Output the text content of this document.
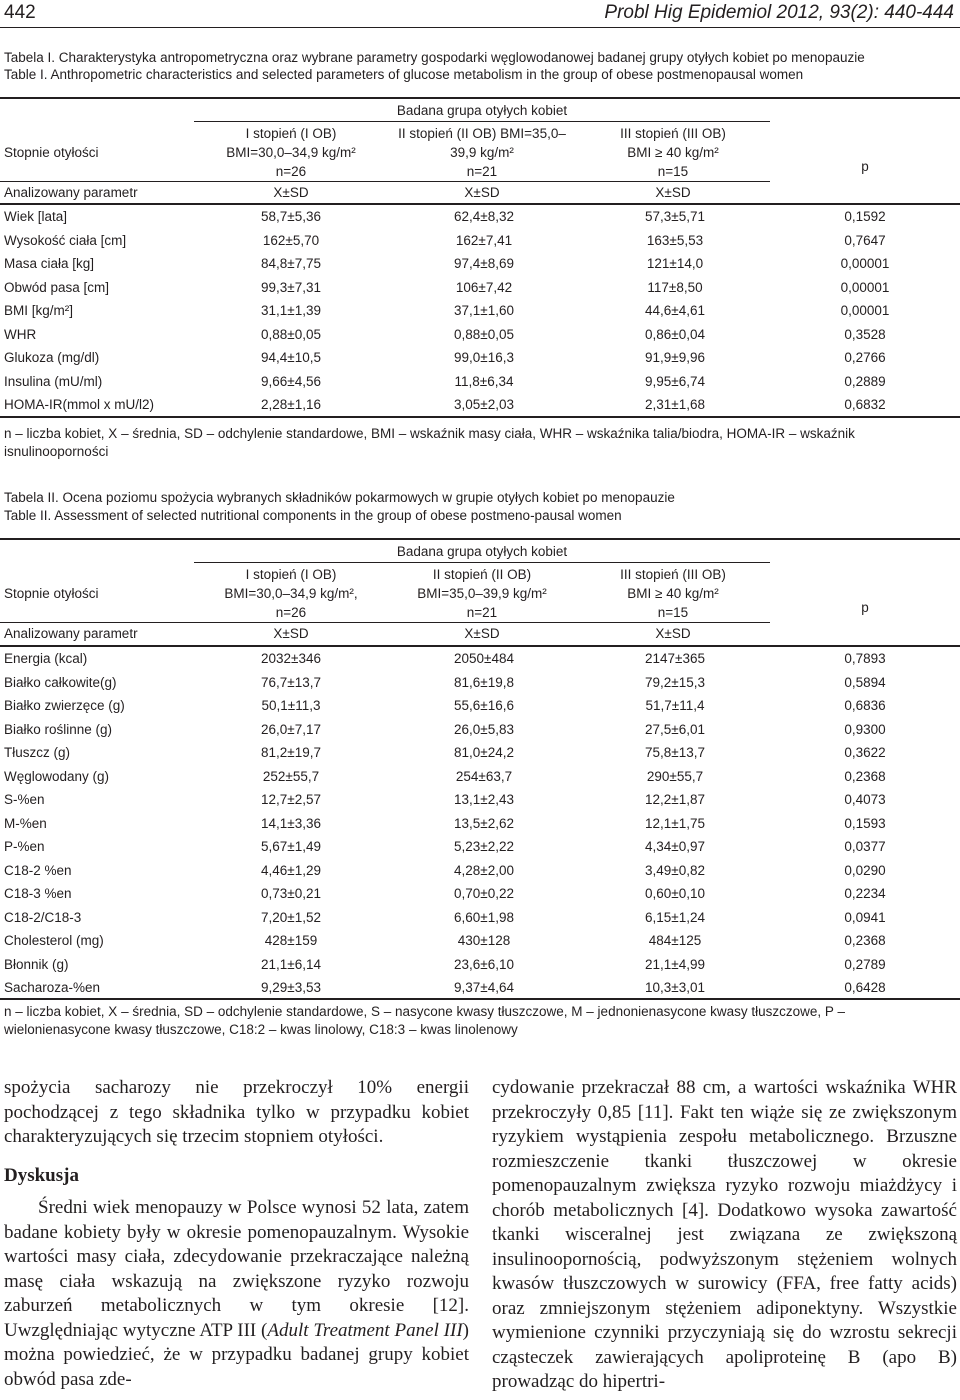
442	Probl Hig Epidemiol 2012, 93(2): 440-444
Tabela I. Charakterystyka antropometryczna oraz wybrane parametry gospodarki węglowodanowej badanej grupy otyłych kobiet po menopauzie
Table I. Anthropometric characteristics and selected parameters of glucose metabolism in the group of obese postmenopausal women
Badana grupa otyłych kobiet
Stopnie otyłości
I stopień (I OB)
BMI=30,0–34,9 kg/m²
n=26
II stopień (II OB) BMI=35,0–
39,9 kg/m²
n=21
III stopień (III OB)
BMI ≥ 40 kg/m²
n=15	p
Analizowany parametr	X±SD	X±SD	X±SD
Wiek [lata]	58,7±5,36	62,4±8,32	57,3±5,71	0,1592
Wysokość ciała [cm]	162±5,70	162±7,41	163±5,53	0,7647
Masa ciała [kg]	84,8±7,75	97,4±8,69	121±14,0	0,00001
Obwód pasa [cm]	99,3±7,31	106±7,42	117±8,50	0,00001
BMI [kg/m²]	31,1±1,39	37,1±1,60	44,6±4,61	0,00001
WHR	0,88±0,05	0,88±0,05	0,86±0,04	0,3528
Glukoza (mg/dl)	94,4±10,5	99,0±16,3	91,9±9,96	0,2766
Insulina (mU/ml)	9,66±4,56	11,8±6,34	9,95±6,74	0,2889
HOMA-IR(mmol x mU/l2)	2,28±1,16	3,05±2,03	2,31±1,68	0,6832
n – liczba kobiet, X – średnia, SD – odchylenie standardowe, BMI – wskaźnik masy ciała, WHR – wskaźnika talia/biodra, HOMA-IR – wskaźnik isnulinooporności
Tabela II. Ocena poziomu spożycia wybranych składników pokarmowych w grupie otyłych kobiet po menopauzie
Table II. Assessment of selected nutritional components in the group of obese postmeno-pausal women
Badana grupa otyłych kobiet
Stopnie otyłości
I stopień (I OB)
BMI=30,0–34,9 kg/m²,
n=26
II stopień (II OB)
BMI=35,0–39,9 kg/m²
n=21
III stopień (III OB)
BMI ≥ 40 kg/m²
n=15	p
Analizowany parametr	X±SD	X±SD	X±SD
Energia (kcal)	2032±346	2050±484	2147±365	0,7893
Białko całkowite(g)	76,7±13,7	81,6±19,8	79,2±15,3	0,5894
Białko zwierzęce (g)	50,1±11,3	55,6±16,6	51,7±11,4	0,6836
Białko roślinne (g)	26,0±7,17	26,0±5,83	27,5±6,01	0,9300
Tłuszcz (g)	81,2±19,7	81,0±24,2	75,8±13,7	0,3622
Węglowodany (g)	252±55,7	254±63,7	290±55,7	0,2368
S-%en	12,7±2,57	13,1±2,43	12,2±1,87	0,4073
M-%en	14,1±3,36	13,5±2,62	12,1±1,75	0,1593
P-%en	5,67±1,49	5,23±2,22	4,34±0,97	0,0377
C18-2 %en	4,46±1,29	4,28±2,00	3,49±0,82	0,0290
C18-3 %en	0,73±0,21	0,70±0,22	0,60±0,10	0,2234
C18-2/C18-3	7,20±1,52	6,60±1,98	6,15±1,24	0,0941
Cholesterol (mg)	428±159	430±128	484±125	0,2368
Błonnik (g)	21,1±6,14	23,6±6,10	21,1±4,99	0,2789
Sacharoza-%en	9,29±3,53	9,37±4,64	10,3±3,01	0,6428
n – liczba kobiet, X – średnia, SD – odchylenie standardowe, S – nasycone kwasy tłuszczowe, M – jednonienasycone kwasy tłuszczowe, P – wielonienasycone kwasy tłuszczowe, C18:2 – kwas linolowy, C18:3 – kwas linolenowy

spożycia sacharozy nie przekroczył 10% energii pochodzącej z tego składnika tylko w przypadku kobiet charakteryzujących się trzecim stopniem otyłości.

Dyskusja

Średni wiek menopauzy w Polsce wynosi 52 lata, zatem badane kobiety były w okresie pomenopauzalnym. Wysokie wartości masy ciała, zdecydowanie przekraczające należną masę ciała wskazują na zwiększone ryzyko rozwoju zaburzeń metabolicznych w tym okresie [12]. Uwzględniając wytyczne ATP III (Adult Treatment Panel III) można powiedzieć, że w przypadku badanej grupy kobiet obwód pasa zde-

cydowanie przekraczał 88 cm, a wartości wskaźnika WHR przekroczyły 0,85 [11]. Fakt ten wiąże się ze zwiększonym ryzykiem wystąpienia zespołu metabolicznego. Brzuszne rozmieszczenie tkanki tłuszczowej w okresie pomenopauzalnym zwiększa ryzyko rozwoju miażdżycy i chorób metabolicznych [4]. Dodatkowo wysoka zawartość tkanki wisceralnej jest związana ze zwiększoną insulinoopornością, podwyższonym stężeniem wolnych kwasów tłuszczowych w surowicy (FFA, free fatty acids) oraz zmniejszonym stężeniem adiponektyny. Wszystkie wymienione czynniki przyczyniają się do wzrostu sekrecji cząsteczek zawierających apoliproteinę B (apo B) prowadząc do hipertri-
